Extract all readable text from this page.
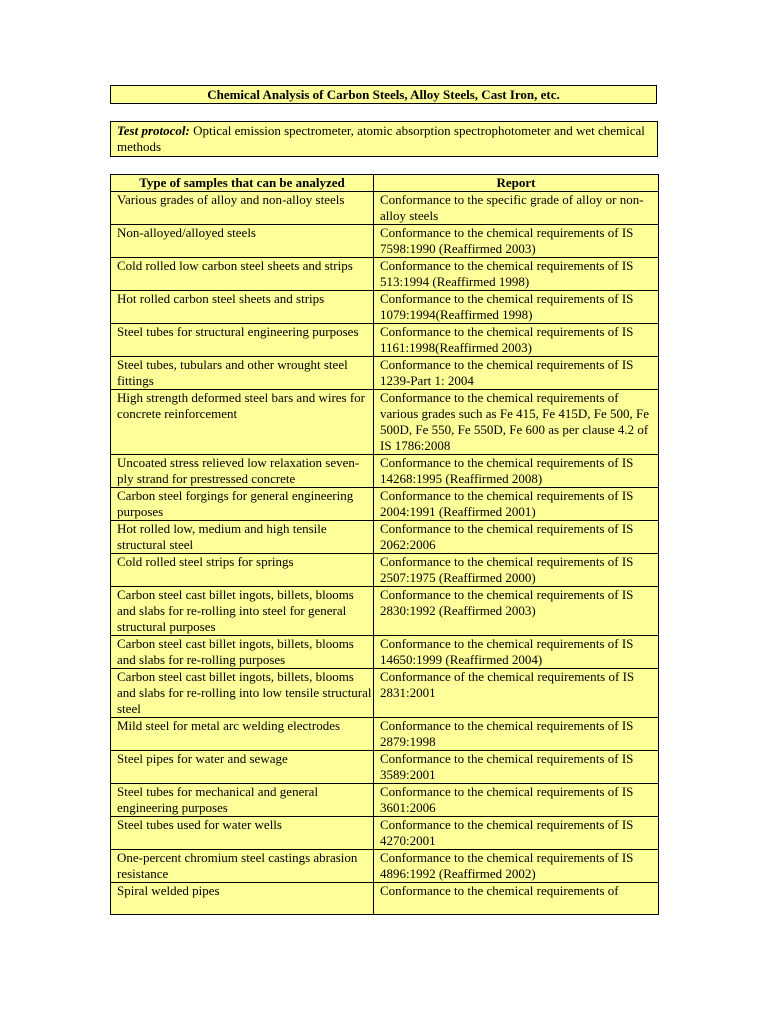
Chemical Analysis of Carbon Steels, Alloy Steels, Cast Iron, etc.
Test protocol: Optical emission spectrometer, atomic absorption spectrophotometer and wet chemical methods
Type of samples that can be analyzed	Report
Various grades of alloy and non-alloy steels	Conformance to the specific grade of alloy or non-alloy steels
Non-alloyed/alloyed steels	Conformance to the chemical requirements of IS 7598:1990 (Reaffirmed 2003)
Cold rolled low carbon steel sheets and strips	Conformance to the chemical requirements of IS 513:1994 (Reaffirmed 1998)
Hot rolled carbon steel sheets and strips	Conformance to the chemical requirements of IS 1079:1994(Reaffirmed 1998)
Steel tubes for structural engineering purposes	Conformance to the chemical requirements of IS 1161:1998(Reaffirmed 2003)
Steel tubes, tubulars and other wrought steel fittings	Conformance to the chemical requirements of IS 1239-Part 1: 2004
High strength deformed steel bars and wires for concrete reinforcement	Conformance to the chemical requirements of various grades such as Fe 415, Fe 415D, Fe 500, Fe 500D, Fe 550, Fe 550D, Fe 600 as per clause 4.2 of IS 1786:2008
Uncoated stress relieved low relaxation seven-ply strand for prestressed concrete	Conformance to the chemical requirements of IS 14268:1995 (Reaffirmed 2008)
Carbon steel forgings for general engineering purposes	Conformance to the chemical requirements of IS 2004:1991 (Reaffirmed 2001)
Hot rolled low, medium and high tensile structural steel	Conformance to the chemical requirements of IS 2062:2006
Cold rolled steel strips for springs	Conformance to the chemical requirements of IS 2507:1975 (Reaffirmed 2000)
Carbon steel cast billet ingots, billets, blooms and slabs for re-rolling into steel for general structural purposes	Conformance to the chemical requirements of IS 2830:1992 (Reaffirmed 2003)
Carbon steel cast billet ingots, billets, blooms and slabs for re-rolling purposes	Conformance to the chemical requirements of IS 14650:1999 (Reaffirmed 2004)
Carbon steel cast billet ingots, billets, blooms and slabs for re-rolling into low tensile structural steel	Conformance of the chemical requirements of IS 2831:2001
Mild steel for metal arc welding electrodes	Conformance to the chemical requirements of IS 2879:1998
Steel pipes for water and sewage	Conformance to the chemical requirements of IS 3589:2001
Steel tubes for mechanical and general engineering purposes	Conformance to the chemical requirements of IS 3601:2006
Steel tubes used for water wells	Conformance to the chemical requirements of IS 4270:2001
One-percent chromium steel castings abrasion resistance	Conformance to the chemical requirements of IS 4896:1992 (Reaffirmed 2002)
Spiral welded pipes	Conformance to the chemical requirements of
